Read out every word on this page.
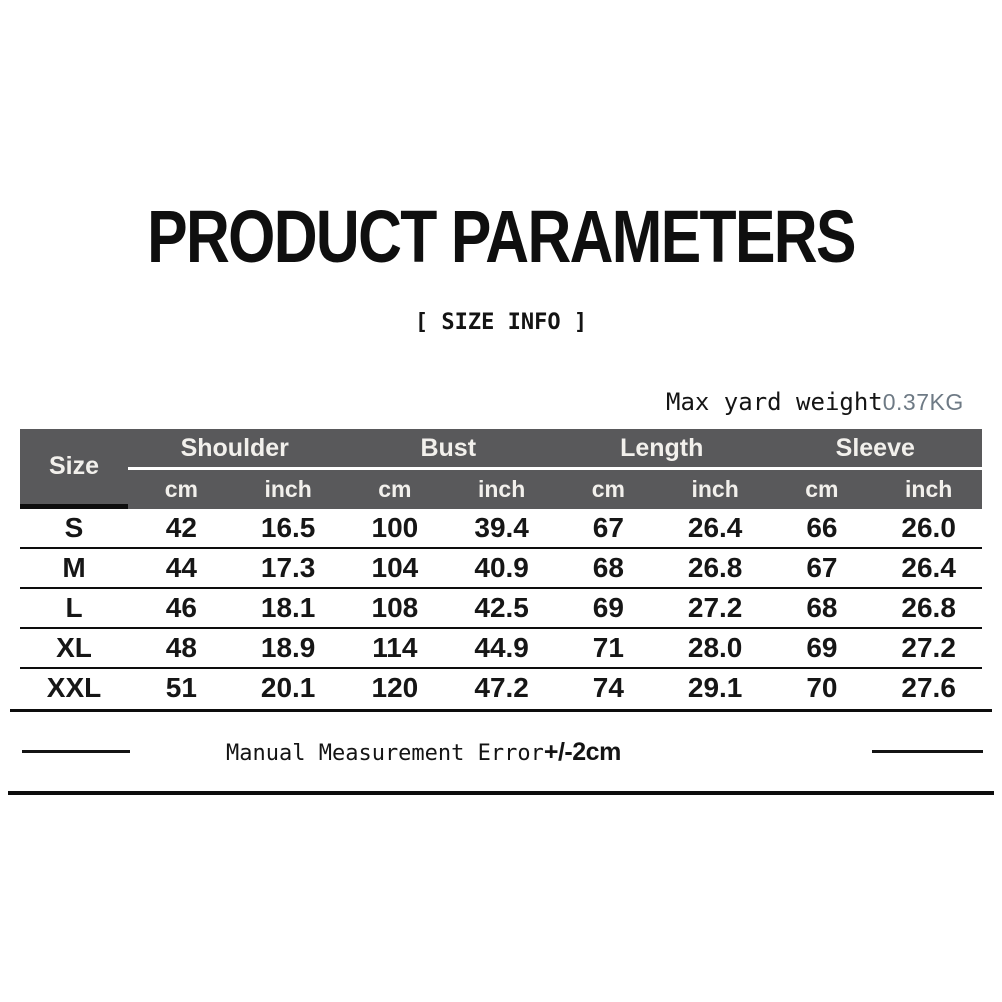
PRODUCT PARAMETERS
[ SIZE INFO ]
Max yard weight0.37KG
Size	Shoulder		Bust		Length		Sleeve	
	cm	inch	cm	inch	cm	inch	cm	inch
S	42	16.5	100	39.4	67	26.4	66	26.0
M	44	17.3	104	40.9	68	26.8	67	26.4
L	46	18.1	108	42.5	69	27.2	68	26.8
XL	48	18.9	114	44.9	71	28.0	69	27.2
XXL	51	20.1	120	47.2	74	29.1	70	27.6
Manual Measurement Error+/-2cm
